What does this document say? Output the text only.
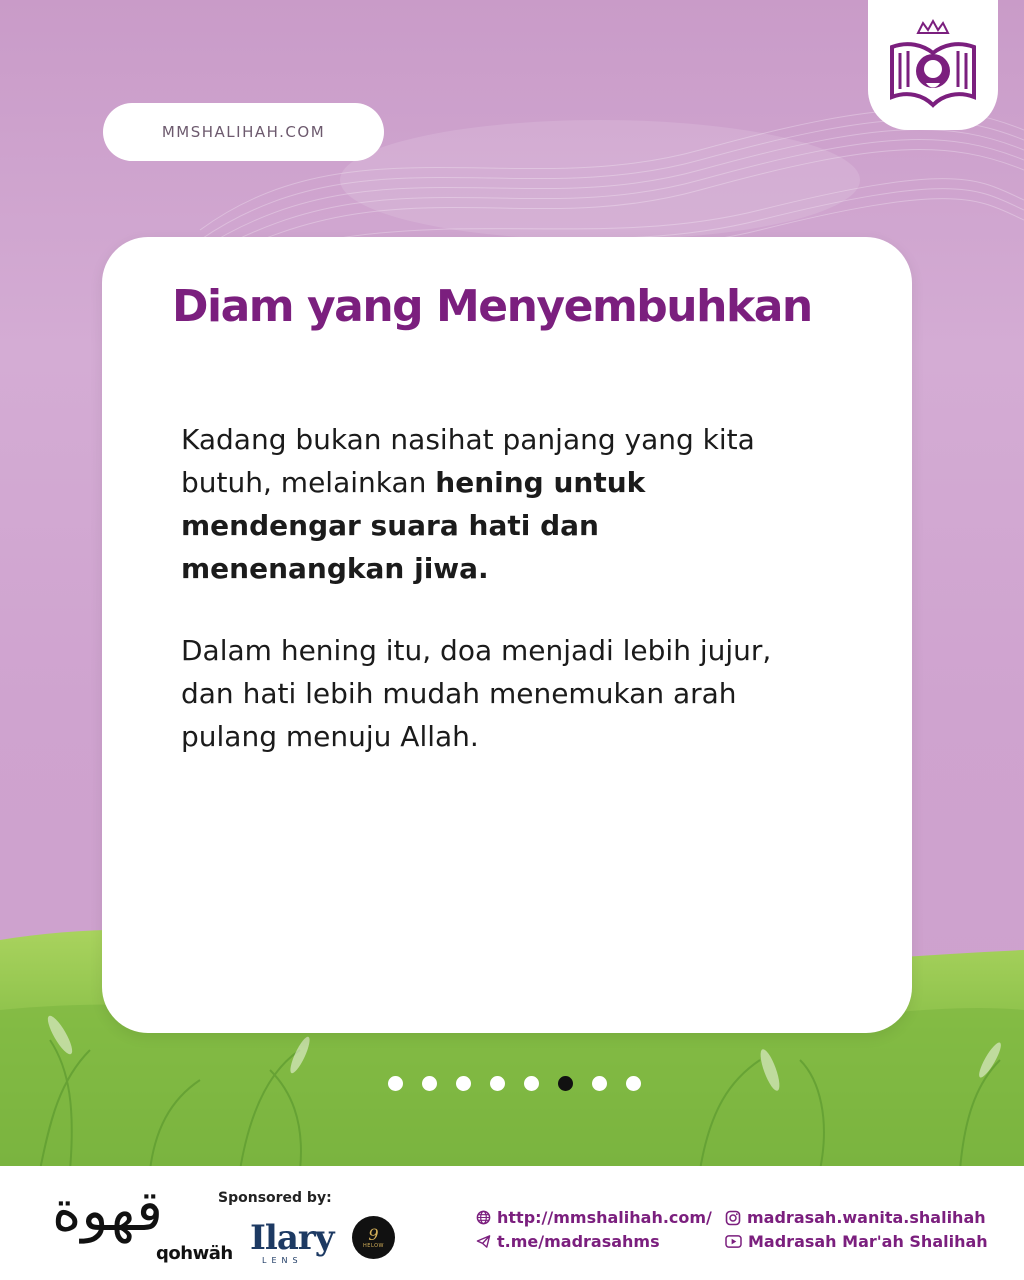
MMSHALIHAH.COM
Diam yang Menyembuhkan

Kadang bukan nasihat panjang yang kita butuh, melainkan hening untuk mendengar suara hati dan menenangkan jiwa.

Dalam hening itu, doa menjadi lebih jujur, dan hati lebih mudah menemukan arah pulang menuju Allah.

قهوة
qohwäh
Sponsored by:
Ilary
LENS
9
HELOW
http://mmshalihah.com/
t.me/madrasahms
madrasah.wanita.shalihah
Madrasah Mar'ah Shalihah
